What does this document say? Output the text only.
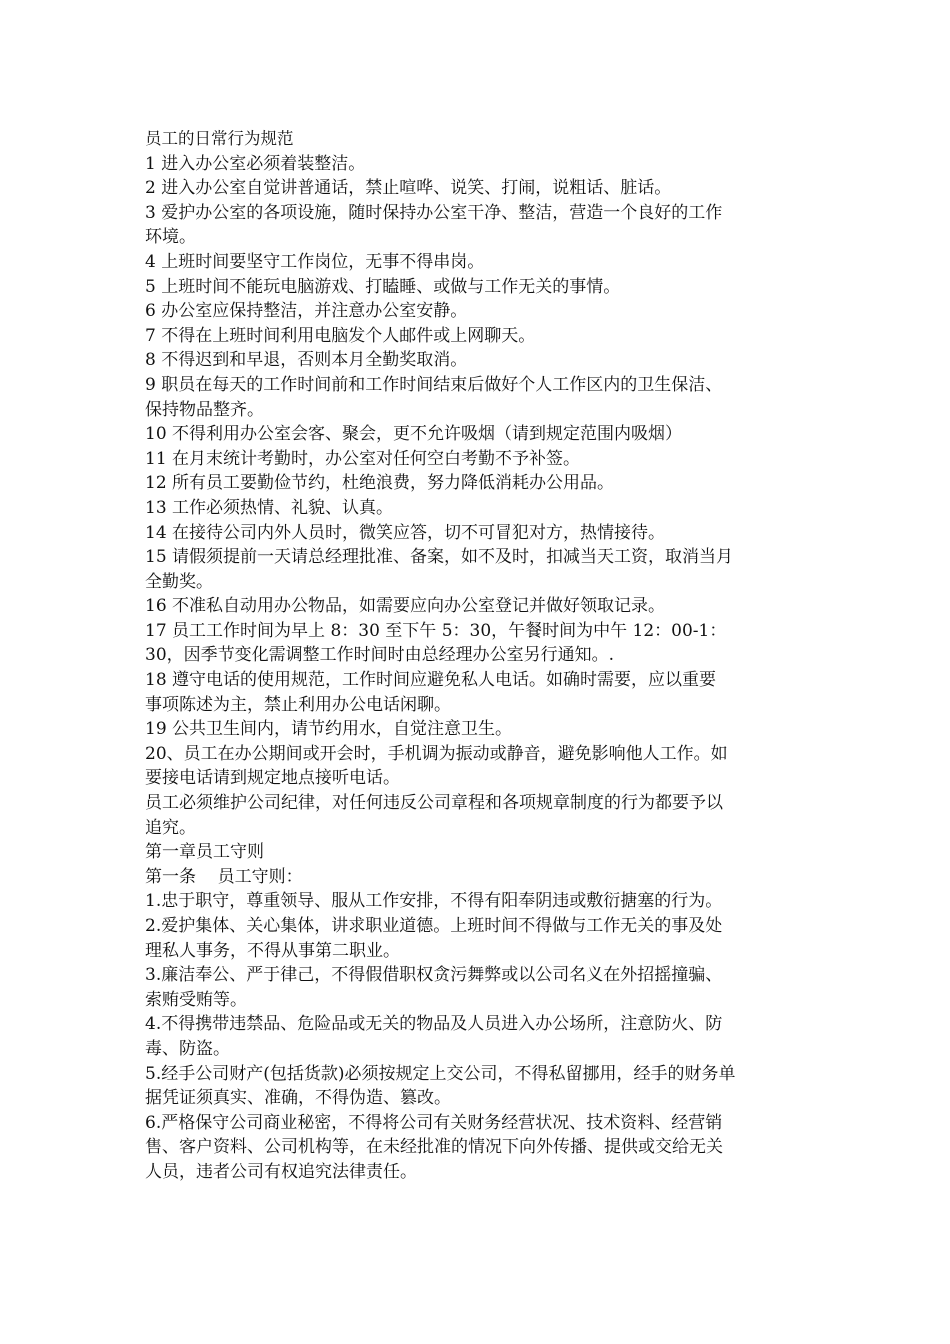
员工的日常行为规范
1 进入办公室必须着装整洁。
2 进入办公室自觉讲普通话，禁止喧哗、说笑、打闹，说粗话、脏话。
3 爱护办公室的各项设施，随时保持办公室干净、整洁，营造一个良好的工作
环境。
4 上班时间要坚守工作岗位，无事不得串岗。
5 上班时间不能玩电脑游戏、打瞌睡、或做与工作无关的事情。
6 办公室应保持整洁，并注意办公室安静。
7 不得在上班时间利用电脑发个人邮件或上网聊天。
8 不得迟到和早退，否则本月全勤奖取消。
9 职员在每天的工作时间前和工作时间结束后做好个人工作区内的卫生保洁、
保持物品整齐。
10 不得利用办公室会客、聚会，更不允许吸烟（请到规定范围内吸烟）
11 在月末统计考勤时，办公室对任何空白考勤不予补签。
12 所有员工要勤俭节约，杜绝浪费，努力降低消耗办公用品。
13 工作必须热情、礼貌、认真。
14 在接待公司内外人员时，微笑应答，切不可冒犯对方，热情接待。
15 请假须提前一天请总经理批准、备案，如不及时，扣减当天工资，取消当月
全勤奖。
16 不准私自动用办公物品，如需要应向办公室登记并做好领取记录。
17 员工工作时间为早上 8：30 至下午 5：30，午餐时间为中午 12：00-1：
30，因季节变化需调整工作时间时由总经理办公室另行通知。.
18 遵守电话的使用规范，工作时间应避免私人电话。如确时需要，应以重要
事项陈述为主，禁止利用办公电话闲聊。
19 公共卫生间内，请节约用水，自觉注意卫生。
20、员工在办公期间或开会时，手机调为振动或静音，避免影响他人工作。如
要接电话请到规定地点接听电话。
员工必须维护公司纪律，对任何违反公司章程和各项规章制度的行为都要予以
追究。
第一章员工守则
第一条    员工守则：
1.忠于职守，尊重领导、服从工作安排，不得有阳奉阴违或敷衍搪塞的行为。
2.爱护集体、关心集体，讲求职业道德。上班时间不得做与工作无关的事及处
理私人事务，不得从事第二职业。
3.廉洁奉公、严于律己，不得假借职权贪污舞弊或以公司名义在外招摇撞骗、
索贿受贿等。
4.不得携带违禁品、危险品或无关的物品及人员进入办公场所，注意防火、防
毒、防盗。
5.经手公司财产(包括货款)必须按规定上交公司，不得私留挪用，经手的财务单
据凭证须真实、准确，不得伪造、篡改。
6.严格保守公司商业秘密，不得将公司有关财务经营状况、技术资料、经营销
售、客户资料、公司机构等，在未经批准的情况下向外传播、提供或交给无关
人员，违者公司有权追究法律责任。
